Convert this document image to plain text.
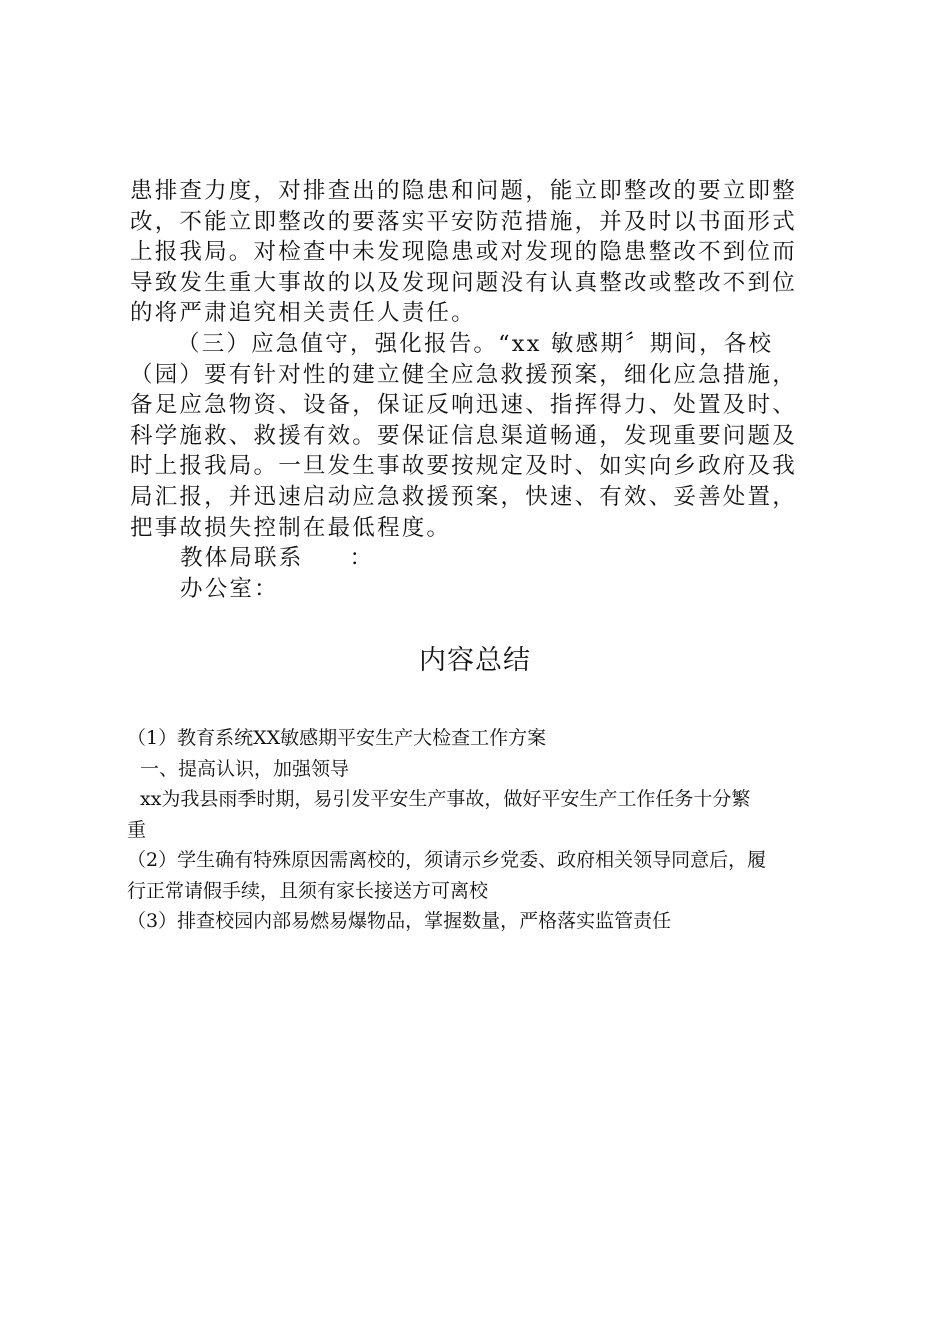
患排查力度，对排查出的隐患和问题，能立即整改的要立即整
改，不能立即整改的要落实平安防范措施，并及时以书面形式
上报我局。对检查中未发现隐患或对发现的隐患整改不到位而
导致发生重大事故的以及发现问题没有认真整改或整改不到位
的将严肃追究相关责任人责任。

（三）应急值守，强化报告。“xx 敏感期〞期间，各校
（园）要有针对性的建立健全应急救援预案，细化应急措施，
备足应急物资、设备，保证反响迅速、指挥得力、处置及时、
科学施救、救援有效。要保证信息渠道畅通，发现重要问题及
时上报我局。一旦发生事故要按规定及时、如实向乡政府及我
局汇报，并迅速启动应急救援预案，快速、有效、妥善处置，
把事故损失控制在最低程度。

教体局联系 ：
办公室：

内容总结

（1）教育系统XX敏感期平安生产大检查工作方案

一、提高认识，加强领导

xx为我县雨季时期，易引发平安生产事故，做好平安生产工作任务十分繁

重

（2）学生确有特殊原因需离校的，须请示乡党委、政府相关领导同意后，履

行正常请假手续，且须有家长接送方可离校

（3）排查校园内部易燃易爆物品，掌握数量，严格落实监管责任
